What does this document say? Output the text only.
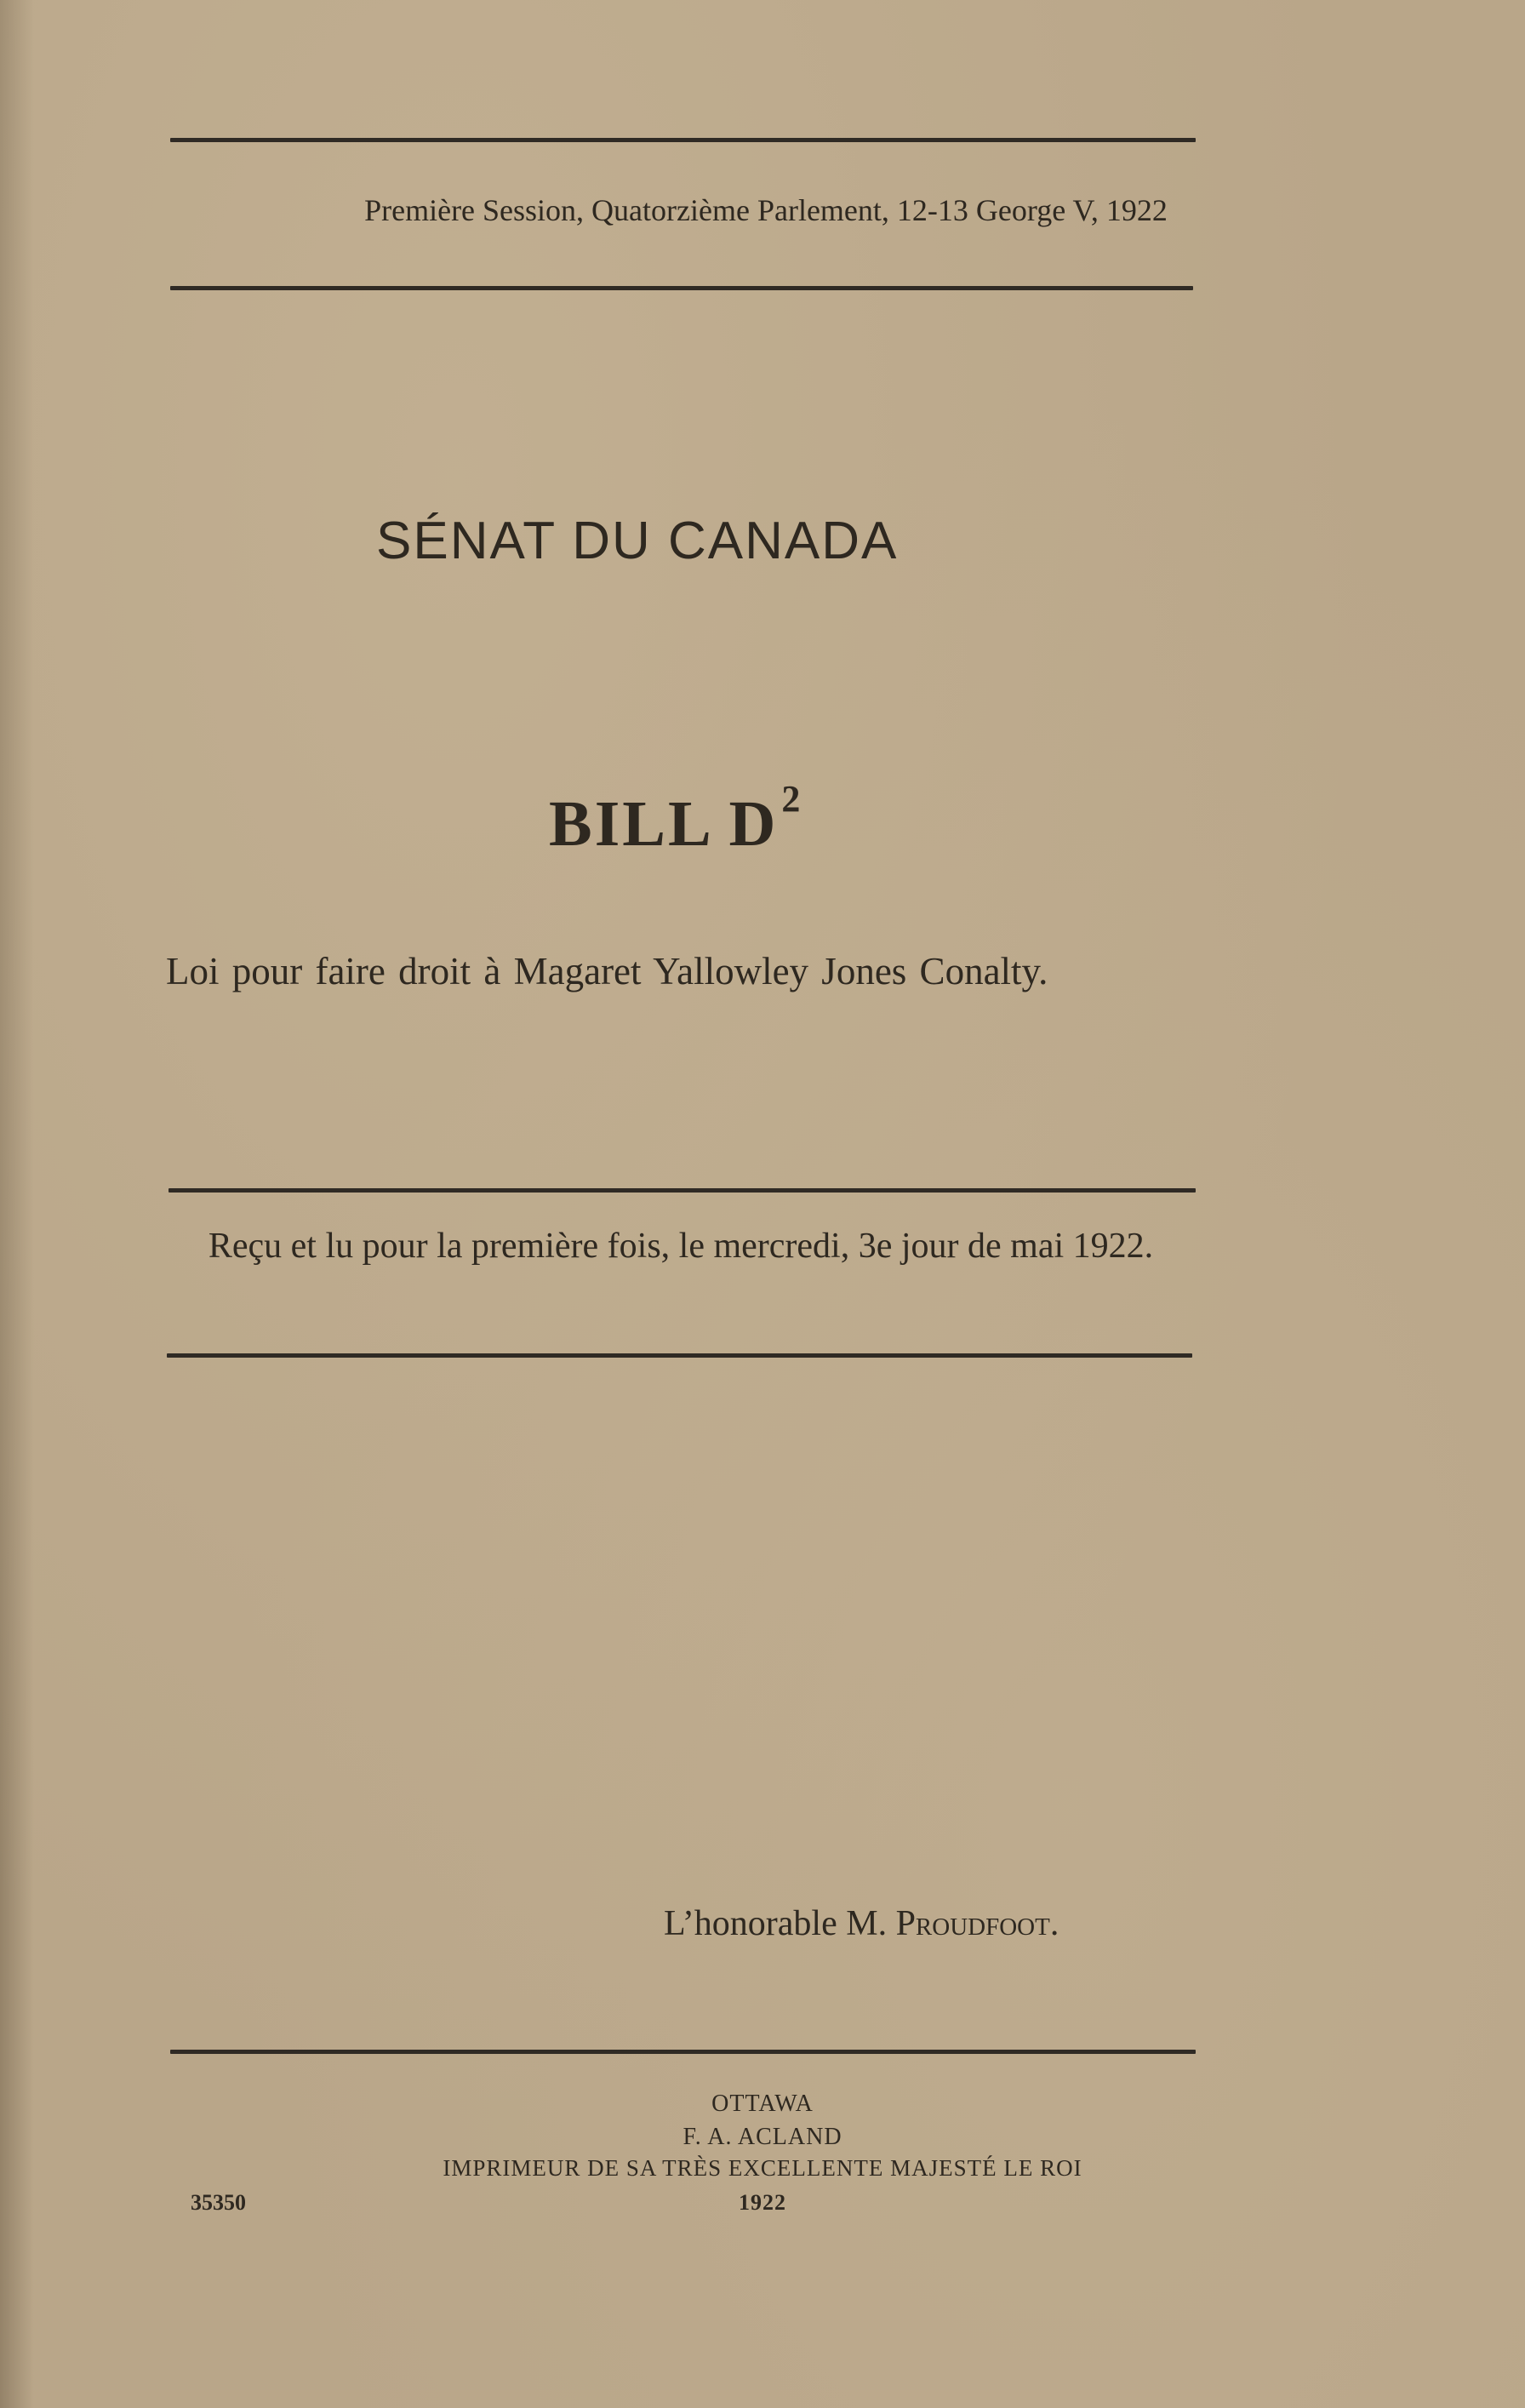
Première Session, Quatorzième Parlement, 12-13 George V, 1922
SÉNAT DU CANADA
BILL $D^2$
Loi pour faire droit à Magaret Yallowley Jones Conalty.
Reçu et lu pour la première fois, le mercredi, 3e jour de mai 1922.
L’honorable M. Proudfoot.
OTTAWA
F. A. ACLAND
IMPRIMEUR DE SA TRÈS EXCELLENTE MAJESTÉ LE ROI
1922
35350
